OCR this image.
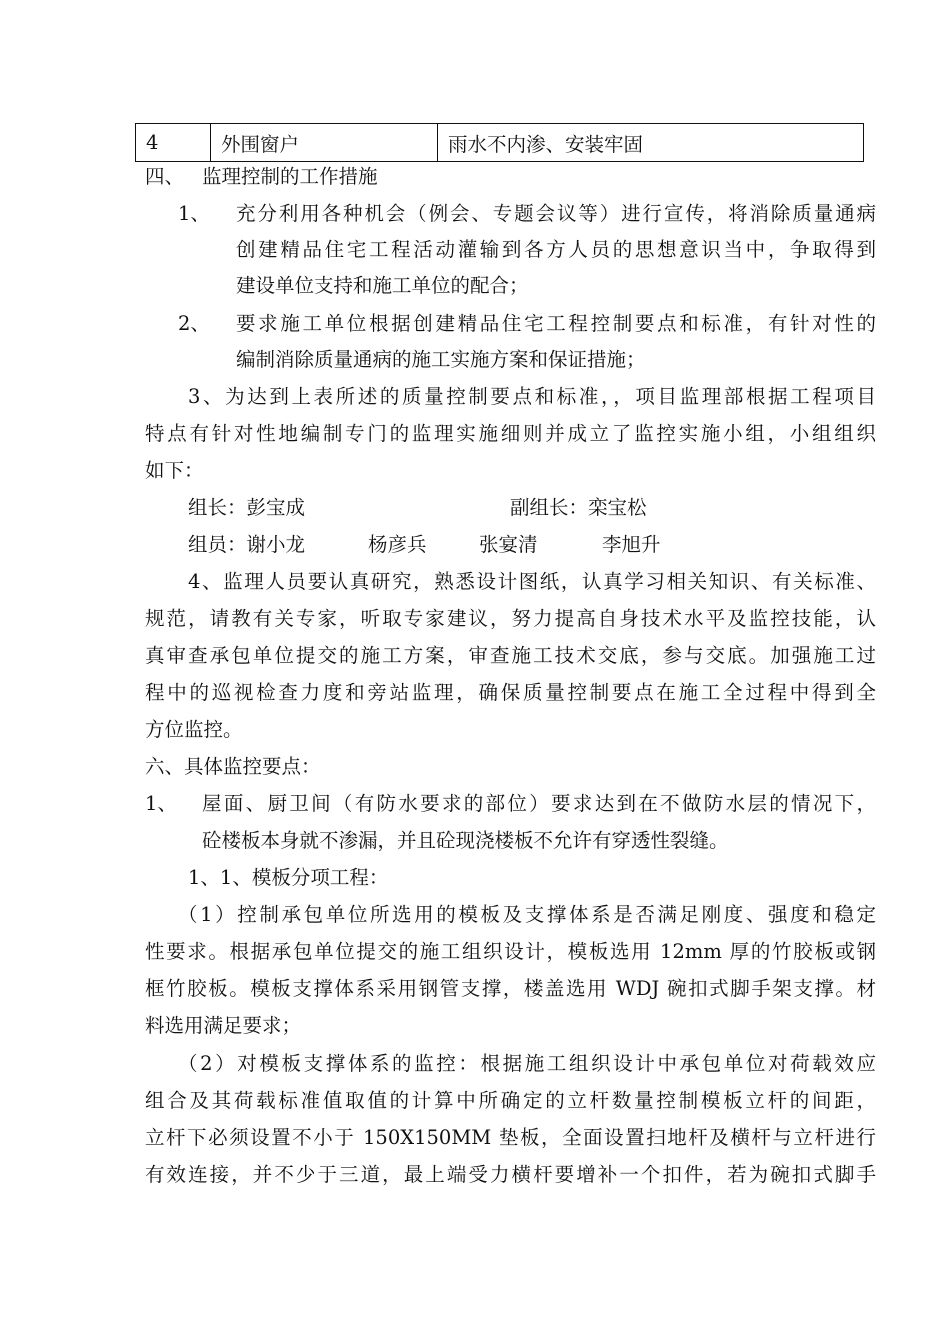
4	外围窗户	雨水不内渗、安装牢固
四、 监理控制的工作措施
1、 充分利用各种机会（例会、专题会议等）进行宣传，将消除质量通病
创建精品住宅工程活动灌输到各方人员的思想意识当中，争取得到
建设单位支持和施工单位的配合；
2、 要求施工单位根据创建精品住宅工程控制要点和标准，有针对性的
编制消除质量通病的施工实施方案和保证措施；
3、为达到上表所述的质量控制要点和标准，，项目监理部根据工程项目
特点有针对性地编制专门的监理实施细则并成立了监控实施小组，小组组织
如下：
组长：彭宝成	副组长：栾宝松
组员：谢小龙	杨彦兵	张宴清	李旭升
4、监理人员要认真研究，熟悉设计图纸，认真学习相关知识、有关标准、
规范，请教有关专家，听取专家建议，努力提高自身技术水平及监控技能，认
真审查承包单位提交的施工方案，审查施工技术交底，参与交底。加强施工过
程中的巡视检查力度和旁站监理，确保质量控制要点在施工全过程中得到全
方位监控。
六、具体监控要点：
1、 屋面、厨卫间（有防水要求的部位）要求达到在不做防水层的情况下，
砼楼板本身就不渗漏，并且砼现浇楼板不允许有穿透性裂缝。
1、1、模板分项工程：
（1）控制承包单位所选用的模板及支撑体系是否满足刚度、强度和稳定
性要求。根据承包单位提交的施工组织设计，模板选用 12mm 厚的竹胶板或钢
框竹胶板。模板支撑体系采用钢管支撑，楼盖选用 WDJ 碗扣式脚手架支撑。材
料选用满足要求；
（2）对模板支撑体系的监控：根据施工组织设计中承包单位对荷载效应
组合及其荷载标准值取值的计算中所确定的立杆数量控制模板立杆的间距，
立杆下必须设置不小于 150X150MM 垫板，全面设置扫地杆及横杆与立杆进行
有效连接，并不少于三道，最上端受力横杆要增补一个扣件，若为碗扣式脚手
